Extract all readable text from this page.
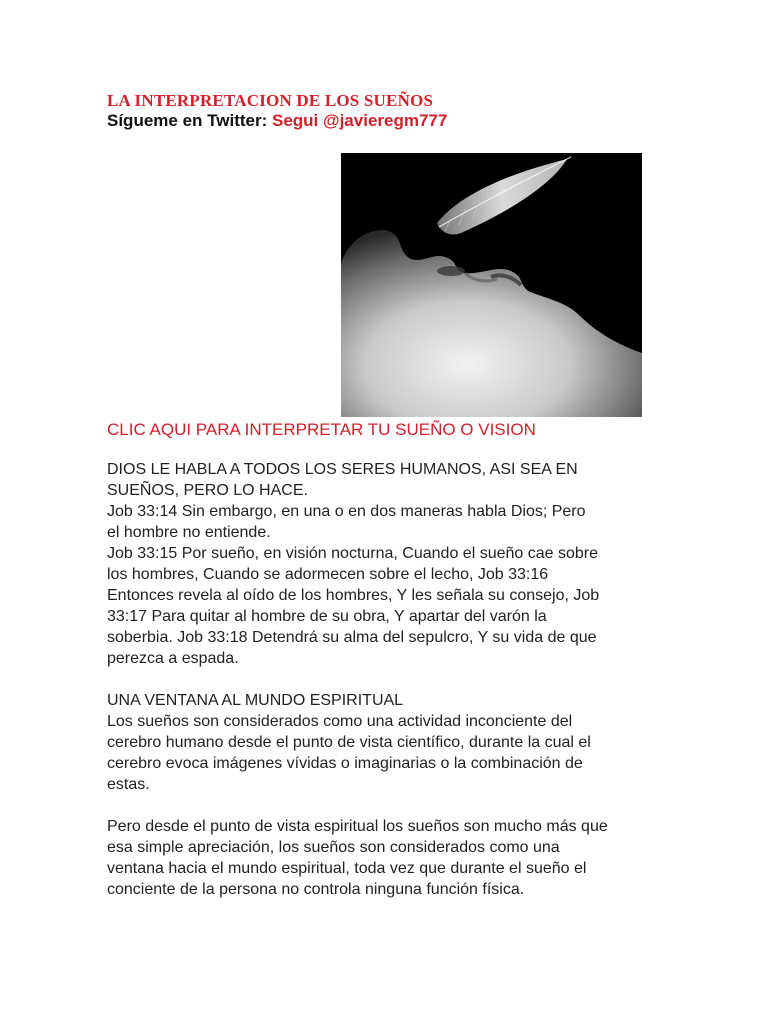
LA INTERPRETACION DE LOS SUEÑOS
Sígueme en Twitter: Segui @javieregm777
CLIC AQUI PARA INTERPRETAR TU SUEÑO O VISION

DIOS LE HABLA A TODOS LOS SERES HUMANOS, ASI SEA EN
SUEÑOS, PERO LO HACE.
Job 33:14 Sin embargo, en una o en dos maneras habla Dios; Pero
el hombre no entiende.
Job 33:15 Por sueño, en visión nocturna, Cuando el sueño cae sobre
los hombres, Cuando se adormecen sobre el lecho, Job 33:16
Entonces revela al oído de los hombres, Y les señala su consejo, Job
33:17 Para quitar al hombre de su obra, Y apartar del varón la
soberbia. Job 33:18 Detendrá su alma del sepulcro, Y su vida de que
perezca a espada.

UNA VENTANA AL MUNDO ESPIRITUAL
Los sueños son considerados como una actividad inconciente del
cerebro humano desde el punto de vista científico, durante la cual el
cerebro evoca imágenes vívidas o imaginarias o la combinación de
estas.

Pero desde el punto de vista espiritual los sueños son mucho más que
esa simple apreciación, los sueños son considerados como una
ventana hacia el mundo espiritual, toda vez que durante el sueño el
conciente de la persona no controla ninguna función física.
